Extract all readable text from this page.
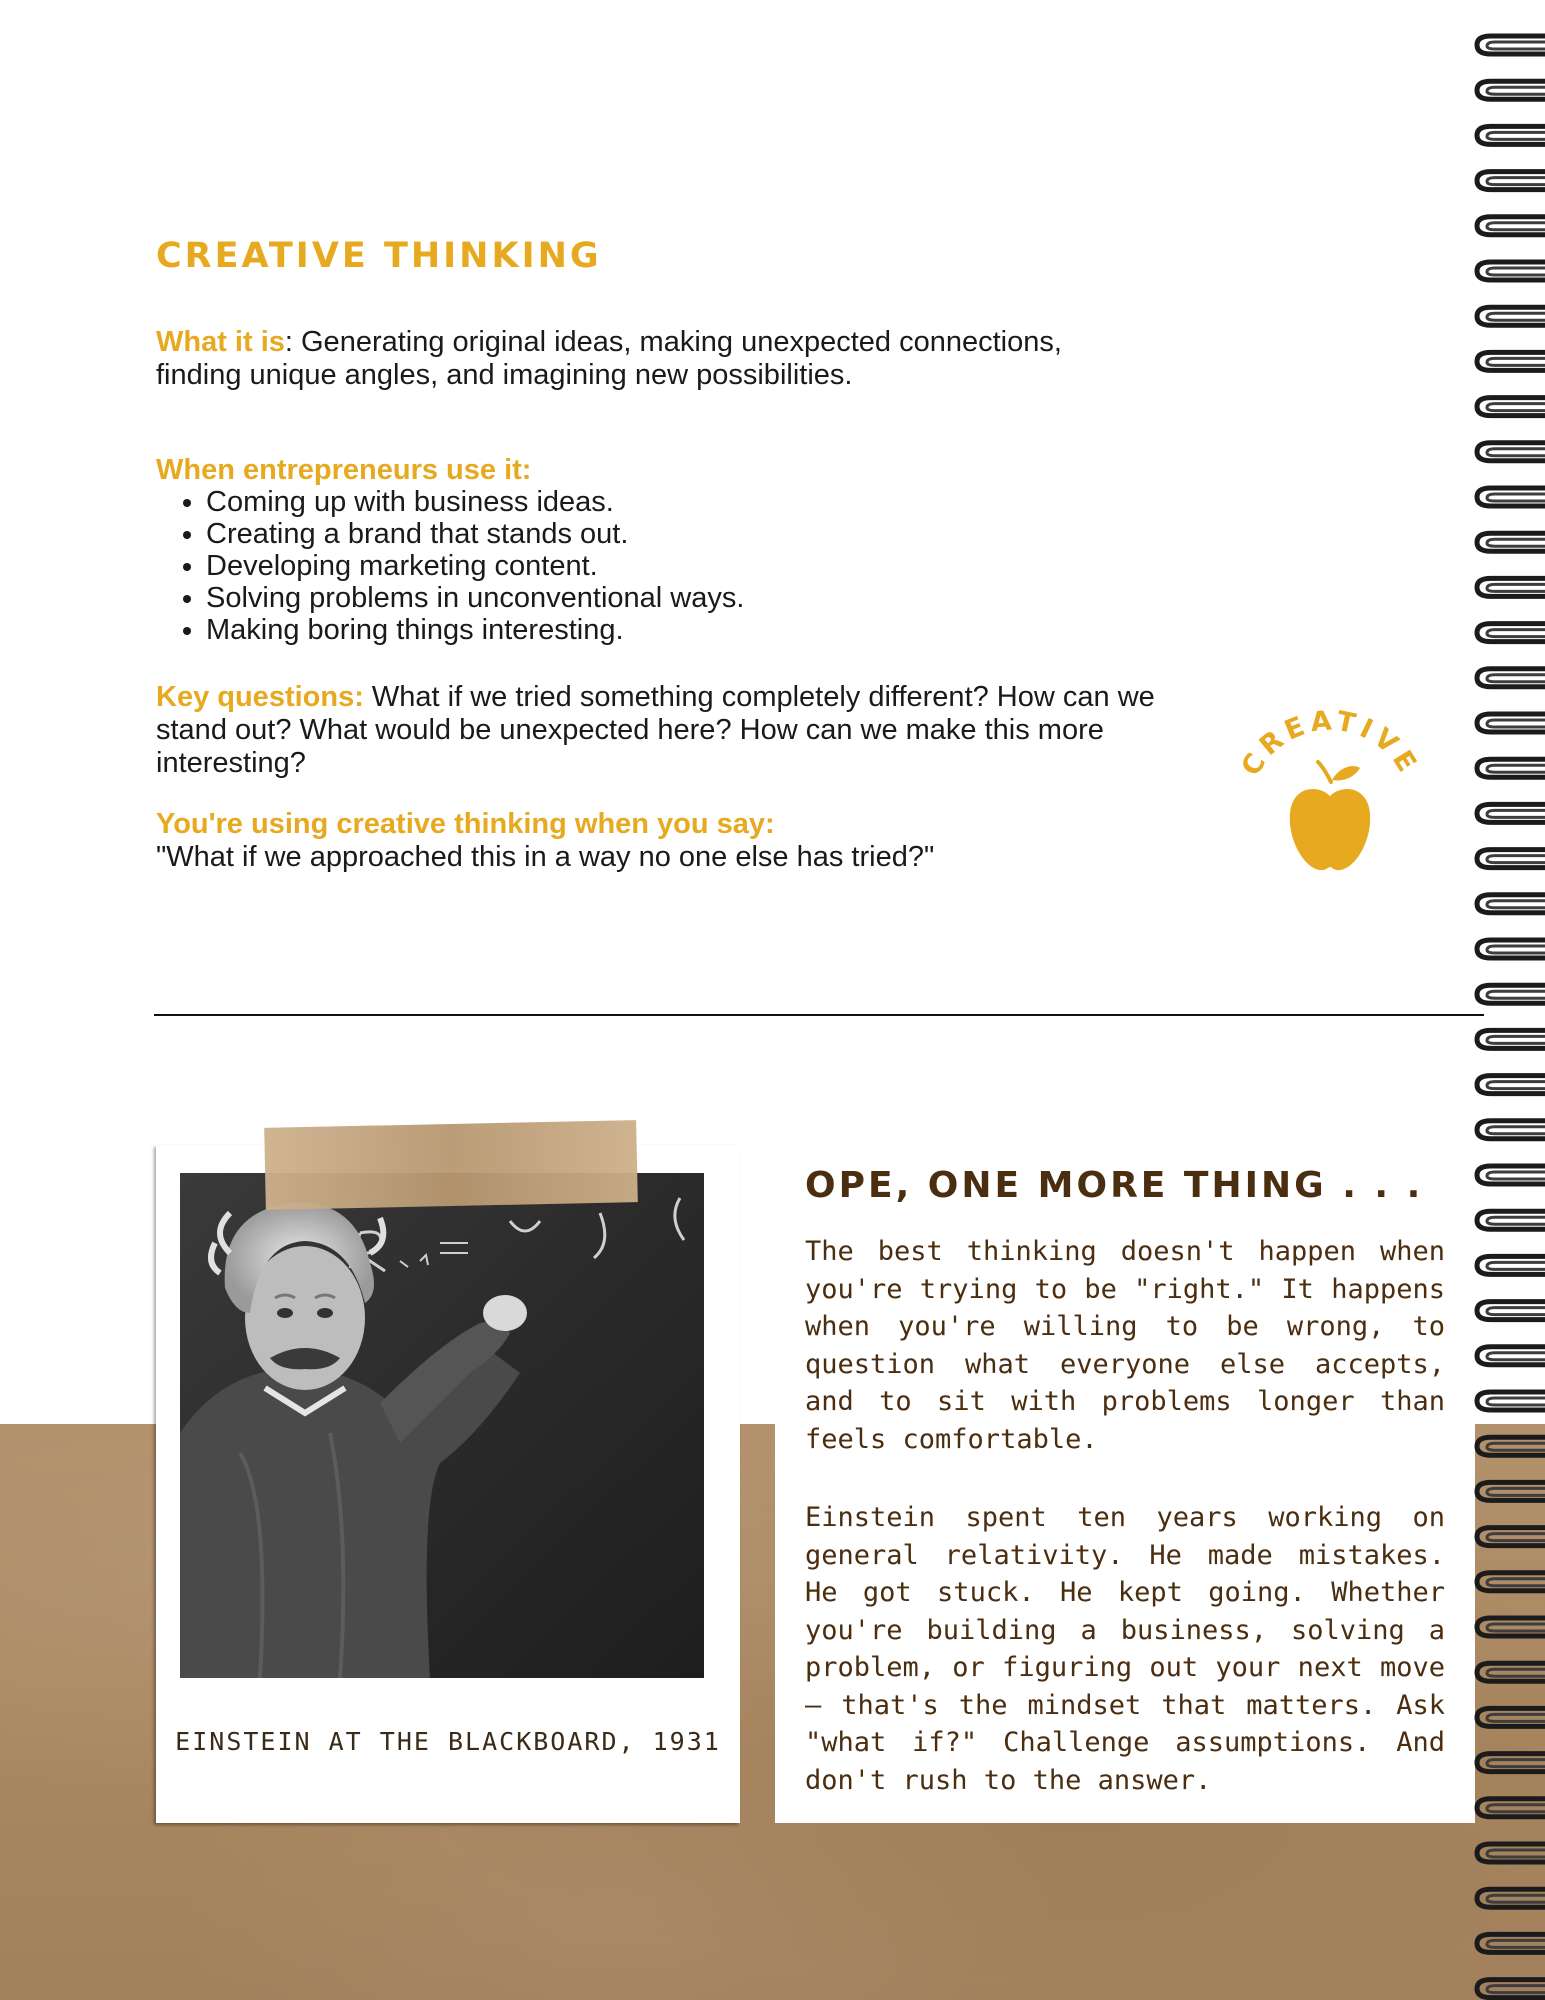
CREATIVE THINKING

What it is: Generating original ideas, making unexpected connections, finding unique angles, and imagining new possibilities.

When entrepreneurs use it:

• Coming up with business ideas.
• Creating a brand that stands out.
• Developing marketing content.
• Solving problems in unconventional ways.
• Making boring things interesting.

Key questions: What if we tried something completely different? How can we stand out? What would be unexpected here? How can we make this more interesting?

You're using creative thinking when you say:
"What if we approached this in a way no one else has tried?"

CREATIVE
EINSTEIN AT THE BLACKBOARD, 1931
OPE, ONE MORE THING . . .

The best thinking doesn't happen when you're trying to be "right." It happens when you're willing to be wrong, to question what everyone else accepts, and to sit with problems longer than feels comfortable.

Einstein spent ten years working on general relativity. He made mistakes. He got stuck. He kept going. Whether you're building a business, solving a problem, or figuring out your next move — that's the mindset that matters. Ask "what if?" Challenge assumptions. And don't rush to the answer.
